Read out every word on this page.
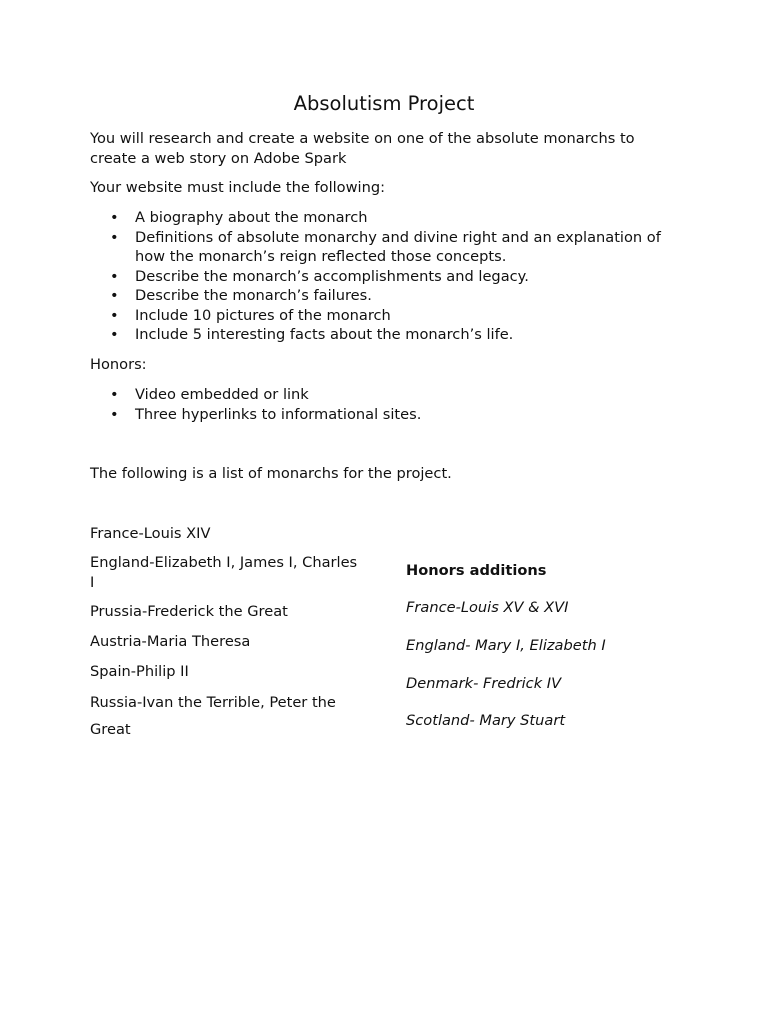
Absolutism Project

You will research and create a website on one of the absolute monarchs to create a web story on Adobe Spark

Your website must include the following:

• A biography about the monarch
• Definitions of absolute monarchy and divine right and an explanation of how the monarch’s reign reflected those concepts.
• Describe the monarch’s accomplishments and legacy.
• Describe the monarch’s failures.
• Include 10 pictures of the monarch
• Include 5 interesting facts about the monarch’s life.

Honors:

• Video embedded or link
• Three hyperlinks to informational sites.

The following is a list of monarchs for the project.

France-Louis XIV
England-Elizabeth I, James I, Charles I
Prussia-Frederick the Great
Austria-Maria Theresa
Spain-Philip II
Russia-Ivan the Terrible, Peter the Great
Honors additions
France-Louis XV & XVI
England- Mary I, Elizabeth I
Denmark- Fredrick IV
Scotland- Mary Stuart
